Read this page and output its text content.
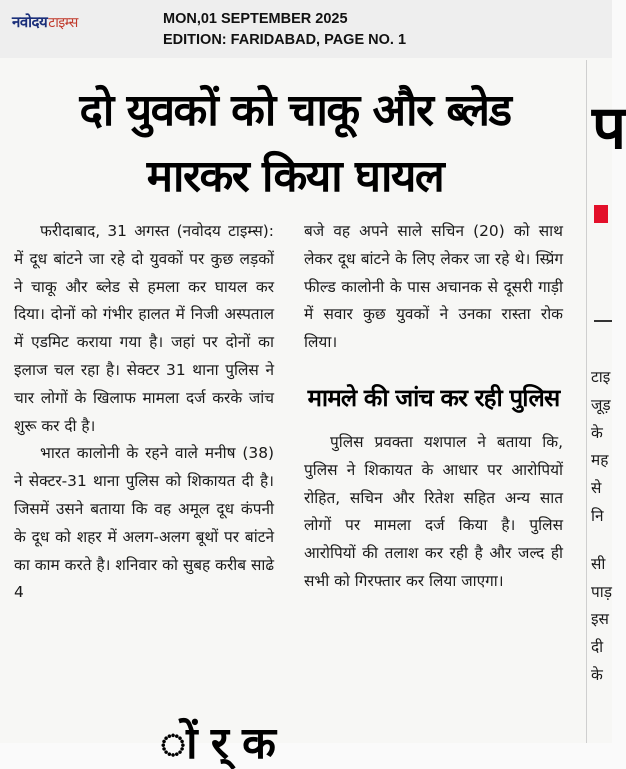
नवोदयटाइम्स	MON,01 SEPTEMBER 2025
EDITION: FARIDABAD, PAGE NO. 1
दो युवकों को चाकू और ब्लेड
मारकर किया घायल

फरीदाबाद, 31 अगस्त (नवोदय टाइम्स): में दूध बांटने जा रहे दो युवकों पर कुछ लड़कों ने चाकू और ब्लेड से हमला कर घायल कर दिया। दोनों को गंभीर हालत में निजी अस्पताल में एडमिट कराया गया है। जहां पर दोनों का इलाज चल रहा है। सेक्टर 31 थाना पुलिस ने चार लोगों के खिलाफ मामला दर्ज करके जांच शुरू कर दी है।

भारत कालोनी के रहने वाले मनीष (38) ने सेक्टर-31 थाना पुलिस को शिकायत दी है। जिसमें उसने बताया कि वह अमूल दूध कंपनी के दूध को शहर में अलग-अलग बूथों पर बांटने का काम करते है। शनिवार को सुबह करीब साढे 4

बजे वह अपने साले सचिन (20) को साथ लेकर दूध बांटने के लिए लेकर जा रहे थे। स्प्रिंग फील्ड कालोनी के पास अचानक से दूसरी गाड़ी में सवार कुछ युवकों ने उनका रास्ता रोक लिया।

मामले की जांच कर रही पुलिस

पुलिस प्रवक्ता यशपाल ने बताया कि, पुलिस ने शिकायत के आधार पर आरोपियों रोहित, सचिन और रितेश सहित अन्य सात लोगों पर मामला दर्ज किया है। पुलिस आरोपियों की तलाश कर रही है और जल्द ही सभी को गिरफ्तार कर लिया जाएगा।

प
टाइ
जूड़
के
मह
से
नि
सी
पाड़
इस
दी
के
ों र् क
